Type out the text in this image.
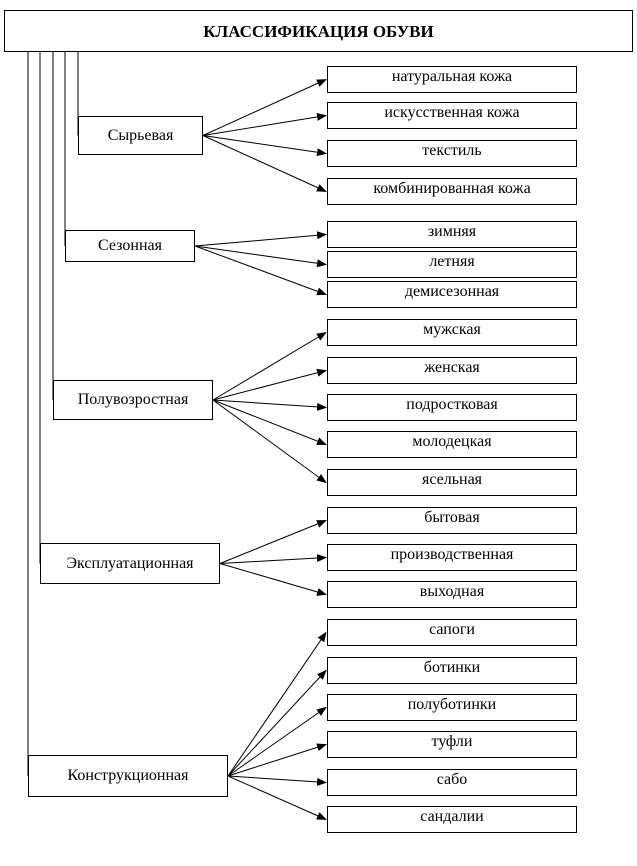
КЛАССИФИКАЦИЯ ОБУВИ
Сырьевая
натуральная кожа
искусственная кожа
текстиль
комбинированная кожа
Сезонная
зимняя
летняя
демисезонная
Полувозростная
мужская
женская
подростковая
молодецкая
ясельная
Эксплуатационная
бытовая
производственная
выходная
Конструкционная
сапоги
ботинки
полуботинки
туфли
сабо
сандалии
